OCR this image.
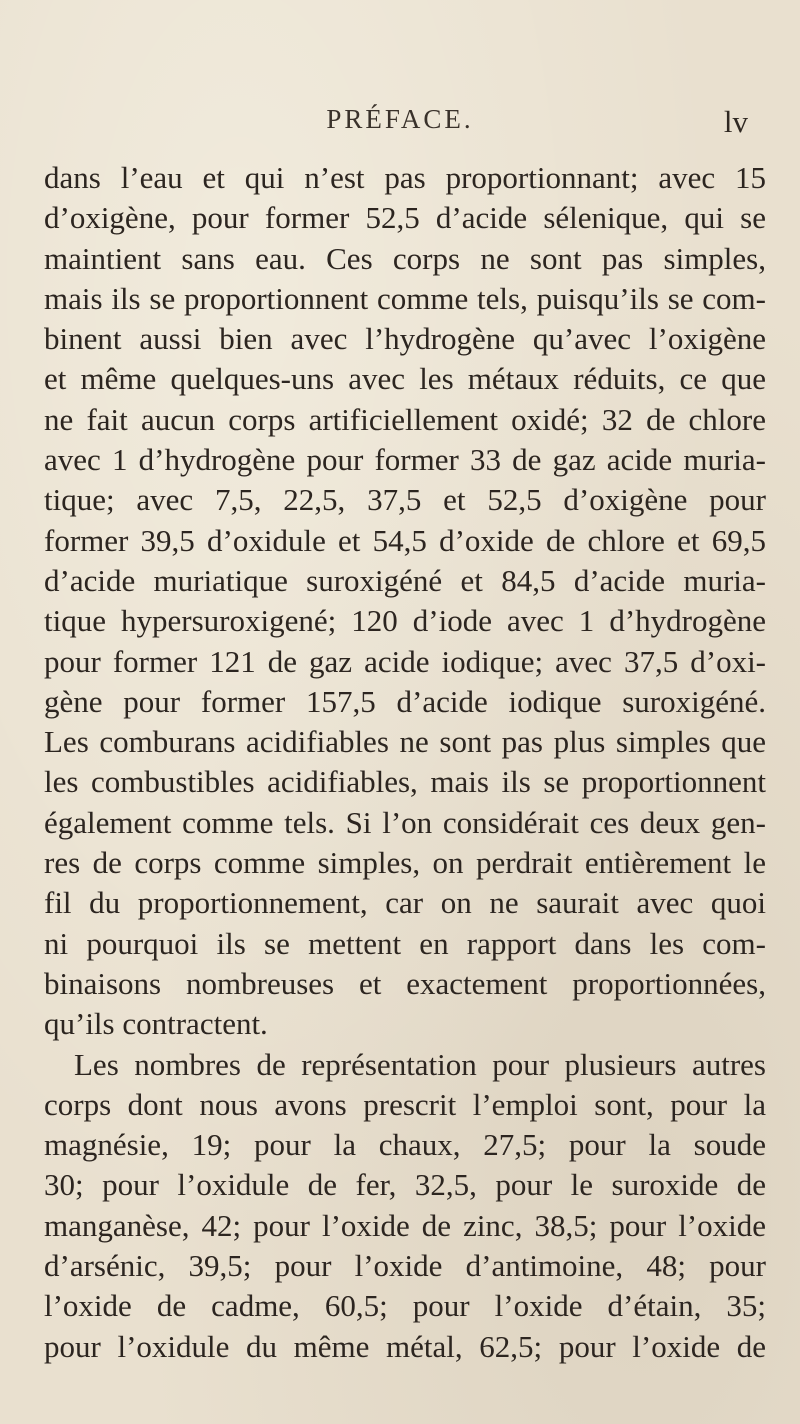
PRÉFACE.	lv
dans l’eau et qui n’est pas proportionnant; avec 15
d’oxigène, pour former 52,5 d’acide sélenique, qui se
maintient sans eau. Ces corps ne sont pas simples,
mais ils se proportionnent comme tels, puisqu’ils se com-
binent aussi bien avec l’hydrogène qu’avec l’oxigène
et même quelques-uns avec les métaux réduits, ce que
ne fait aucun corps artificiellement oxidé; 32 de chlore
avec 1 d’hydrogène pour former 33 de gaz acide muria-
tique; avec 7,5, 22,5, 37,5 et 52,5 d’oxigène pour
former 39,5 d’oxidule et 54,5 d’oxide de chlore et 69,5
d’acide muriatique suroxigéné et 84,5 d’acide muria-
tique hypersuroxigené; 120 d’iode avec 1 d’hydrogène
pour former 121 de gaz acide iodique; avec 37,5 d’oxi-
gène pour former 157,5 d’acide iodique suroxigéné.
Les comburans acidifiables ne sont pas plus simples que
les combustibles acidifiables, mais ils se proportionnent
également comme tels. Si l’on considérait ces deux gen-
res de corps comme simples, on perdrait entièrement le
fil du proportionnement, car on ne saurait avec quoi
ni pourquoi ils se mettent en rapport dans les com-
binaisons nombreuses et exactement proportionnées,
qu’ils contractent.
Les nombres de représentation pour plusieurs autres
corps dont nous avons prescrit l’emploi sont, pour la
magnésie, 19; pour la chaux, 27,5; pour la soude
30; pour l’oxidule de fer, 32,5, pour le suroxide de
manganèse, 42; pour l’oxide de zinc, 38,5; pour l’oxide
d’arsénic, 39,5; pour l’oxide d’antimoine, 48; pour
l’oxide de cadme, 60,5; pour l’oxide d’étain, 35;
pour l’oxidule du même métal, 62,5; pour l’oxide de
